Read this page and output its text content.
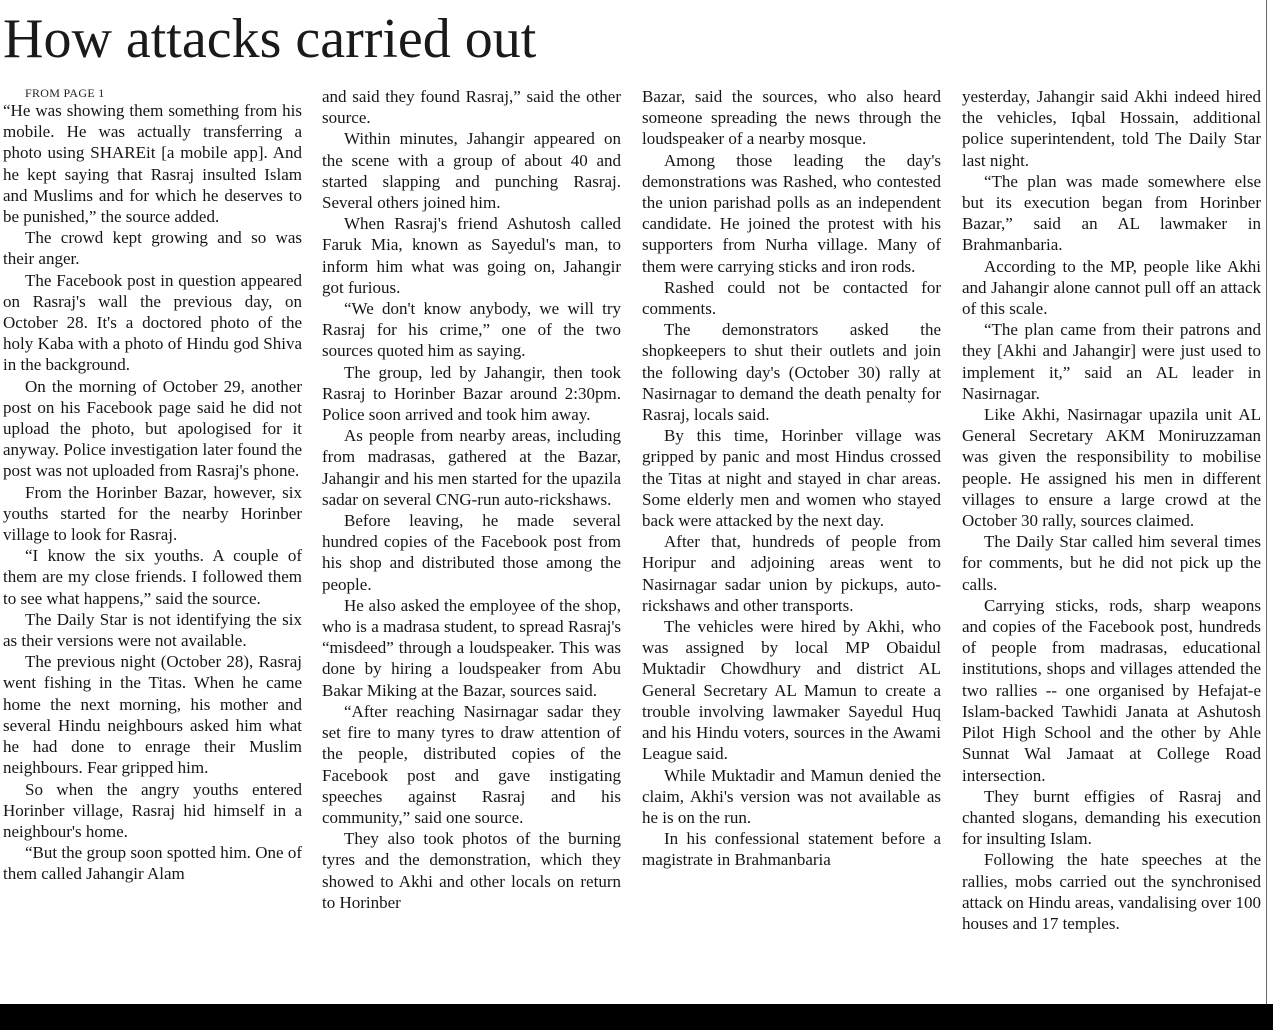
How attacks carried out

FROM PAGE 1

“He was showing them something from his mobile. He was actually transferring a photo using SHAREit [a mobile app]. And he kept saying that Rasraj insulted Islam and Muslims and for which he deserves to be punished,” the source added.

The crowd kept growing and so was their anger.

The Facebook post in question appeared on Rasraj's wall the previous day, on October 28. It's a doctored photo of the holy Kaba with a photo of Hindu god Shiva in the background.

On the morning of October 29, another post on his Facebook page said he did not upload the photo, but apologised for it anyway. Police investigation later found the post was not uploaded from Rasraj's phone.

From the Horinber Bazar, however, six youths started for the nearby Horinber village to look for Rasraj.

“I know the six youths. A couple of them are my close friends. I followed them to see what happens,” said the source.

The Daily Star is not identifying the six as their versions were not available.

The previous night (October 28), Rasraj went fishing in the Titas. When he came home the next morning, his mother and several Hindu neighbours asked him what he had done to enrage their Muslim neighbours. Fear gripped him.

So when the angry youths entered Horinber village, Rasraj hid himself in a neighbour's home.

“But the group soon spotted him. One of them called Jahangir Alam

and said they found Rasraj,” said the other source.

Within minutes, Jahangir appeared on the scene with a group of about 40 and started slapping and punching Rasraj. Several others joined him.

When Rasraj's friend Ashutosh called Faruk Mia, known as Sayedul's man, to inform him what was going on, Jahangir got furious.

“We don't know anybody, we will try Rasraj for his crime,” one of the two sources quoted him as saying.

The group, led by Jahangir, then took Rasraj to Horinber Bazar around 2:30pm. Police soon arrived and took him away.

As people from nearby areas, including from madrasas, gathered at the Bazar, Jahangir and his men started for the upazila sadar on several CNG-run auto-rickshaws.

Before leaving, he made several hundred copies of the Facebook post from his shop and distributed those among the people.

He also asked the employee of the shop, who is a madrasa student, to spread Rasraj's “misdeed” through a loudspeaker. This was done by hiring a loudspeaker from Abu Bakar Miking at the Bazar, sources said.

“After reaching Nasirnagar sadar they set fire to many tyres to draw attention of the people, distributed copies of the Facebook post and gave instigating speeches against Rasraj and his community,” said one source.

They also took photos of the burning tyres and the demonstration, which they showed to Akhi and other locals on return to Horinber

Bazar, said the sources, who also heard someone spreading the news through the loudspeaker of a nearby mosque.

Among those leading the day's demonstrations was Rashed, who contested the union parishad polls as an independent candidate. He joined the protest with his supporters from Nurha village. Many of them were carrying sticks and iron rods.

Rashed could not be contacted for comments.

The demonstrators asked the shopkeepers to shut their outlets and join the following day's (October 30) rally at Nasirnagar to demand the death penalty for Rasraj, locals said.

By this time, Horinber village was gripped by panic and most Hindus crossed the Titas at night and stayed in char areas. Some elderly men and women who stayed back were attacked by the next day.

After that, hundreds of people from Horipur and adjoining areas went to Nasirnagar sadar union by pickups, auto-rickshaws and other transports.

The vehicles were hired by Akhi, who was assigned by local MP Obaidul Muktadir Chowdhury and district AL General Secretary AL Mamun to create a trouble involving lawmaker Sayedul Huq and his Hindu voters, sources in the Awami League said.

While Muktadir and Mamun denied the claim, Akhi's version was not available as he is on the run.

In his confessional statement before a magistrate in Brahmanbaria

yesterday, Jahangir said Akhi indeed hired the vehicles, Iqbal Hossain, additional police superintendent, told The Daily Star last night.

“The plan was made somewhere else but its execution began from Horinber Bazar,” said an AL lawmaker in Brahmanbaria.

According to the MP, people like Akhi and Jahangir alone cannot pull off an attack of this scale.

“The plan came from their patrons and they [Akhi and Jahangir] were just used to implement it,” said an AL leader in Nasirnagar.

Like Akhi, Nasirnagar upazila unit AL General Secretary AKM Moniruzzaman was given the responsibility to mobilise people. He assigned his men in different villages to ensure a large crowd at the October 30 rally, sources claimed.

The Daily Star called him several times for comments, but he did not pick up the calls.

Carrying sticks, rods, sharp weapons and copies of the Facebook post, hundreds of people from madrasas, educational institutions, shops and villages attended the two rallies -- one organised by Hefajat-e Islam-backed Tawhidi Janata at Ashutosh Pilot High School and the other by Ahle Sunnat Wal Jamaat at College Road intersection.

They burnt effigies of Rasraj and chanted slogans, demanding his execution for insulting Islam.

Following the hate speeches at the rallies, mobs carried out the synchronised attack on Hindu areas, vandalising over 100 houses and 17 temples.
